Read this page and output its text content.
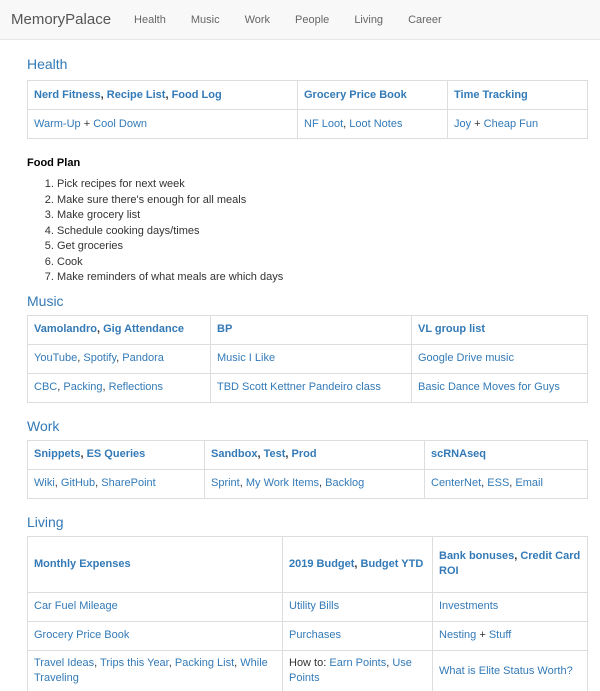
MemoryPalace Health Music Work People Living Career
Health
Nerd Fitness, Recipe List, Food Log	Grocery Price Book	Time Tracking
Warm-Up + Cool Down	NF Loot, Loot Notes	Joy + Cheap Fun
Food Plan
1. Pick recipes for next week
2. Make sure there's enough for all meals
3. Make grocery list
4. Schedule cooking days/times
5. Get groceries
6. Cook
7. Make reminders of what meals are which days
Music
Vamolandro, Gig Attendance	BP	VL group list
YouTube, Spotify, Pandora	Music I Like	Google Drive music
CBC, Packing, Reflections	TBD Scott Kettner Pandeiro class	Basic Dance Moves for Guys
Work
Snippets, ES Queries	Sandbox, Test, Prod	scRNAseq
Wiki, GitHub, SharePoint	Sprint, My Work Items, Backlog	CenterNet, ESS, Email
Living
Monthly Expenses	2019 Budget, Budget YTD	Bank bonuses, Credit Card ROI
Car Fuel Mileage	Utility Bills	Investments
Grocery Price Book	Purchases	Nesting + Stuff
Travel Ideas, Trips this Year, Packing List, While Traveling	How to: Earn Points, Use Points	What is Elite Status Worth?
